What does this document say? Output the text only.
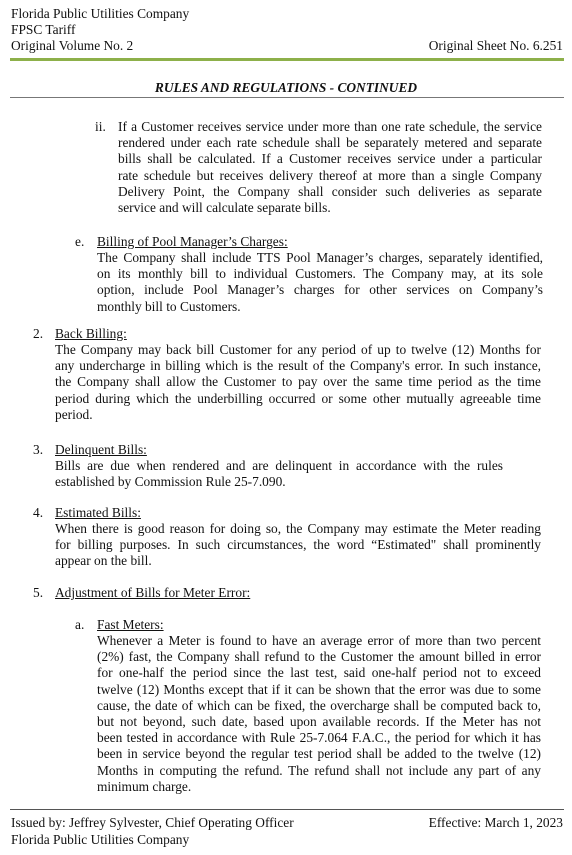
Florida Public Utilities Company
FPSC Tariff
Original Volume No. 2	Original Sheet No. 6.251
RULES AND REGULATIONS - CONTINUED
ii. If a Customer receives service under more than one rate schedule, the service
rendered under each rate schedule shall be separately metered and separate
bills shall be calculated. If a Customer receives service under a particular
rate schedule but receives delivery thereof at more than a single Company
Delivery Point, the Company shall consider such deliveries as separate
service and will calculate separate bills.
e. Billing of Pool Manager’s Charges:
The Company shall include TTS Pool Manager’s charges, separately identified,
on its monthly bill to individual Customers. The Company may, at its sole
option, include Pool Manager’s charges for other services on Company’s
monthly bill to Customers.
2. Back Billing:
The Company may back bill Customer for any period of up to twelve (12) Months for
any undercharge in billing which is the result of the Company's error. In such instance,
the Company shall allow the Customer to pay over the same time period as the time
period during which the underbilling occurred or some other mutually agreeable time
period.
3. Delinquent Bills:
Bills are due when rendered and are delinquent in accordance with the rules
established by Commission Rule 25-7.090.
4. Estimated Bills:
When there is good reason for doing so, the Company may estimate the Meter reading
for billing purposes. In such circumstances, the word “Estimated" shall prominently
appear on the bill.
5. Adjustment of Bills for Meter Error:
a. Fast Meters:
Whenever a Meter is found to have an average error of more than two percent
(2%) fast, the Company shall refund to the Customer the amount billed in error
for one-half the period since the last test, said one-half period not to exceed
twelve (12) Months except that if it can be shown that the error was due to some
cause, the date of which can be fixed, the overcharge shall be computed back to,
but not beyond, such date, based upon available records. If the Meter has not
been tested in accordance with Rule 25-7.064 F.A.C., the period for which it has
been in service beyond the regular test period shall be added to the twelve (12)
Months in computing the refund. The refund shall not include any part of any
minimum charge.
Issued by: Jeffrey Sylvester, Chief Operating Officer	Effective: March 1, 2023
Florida Public Utilities Company
